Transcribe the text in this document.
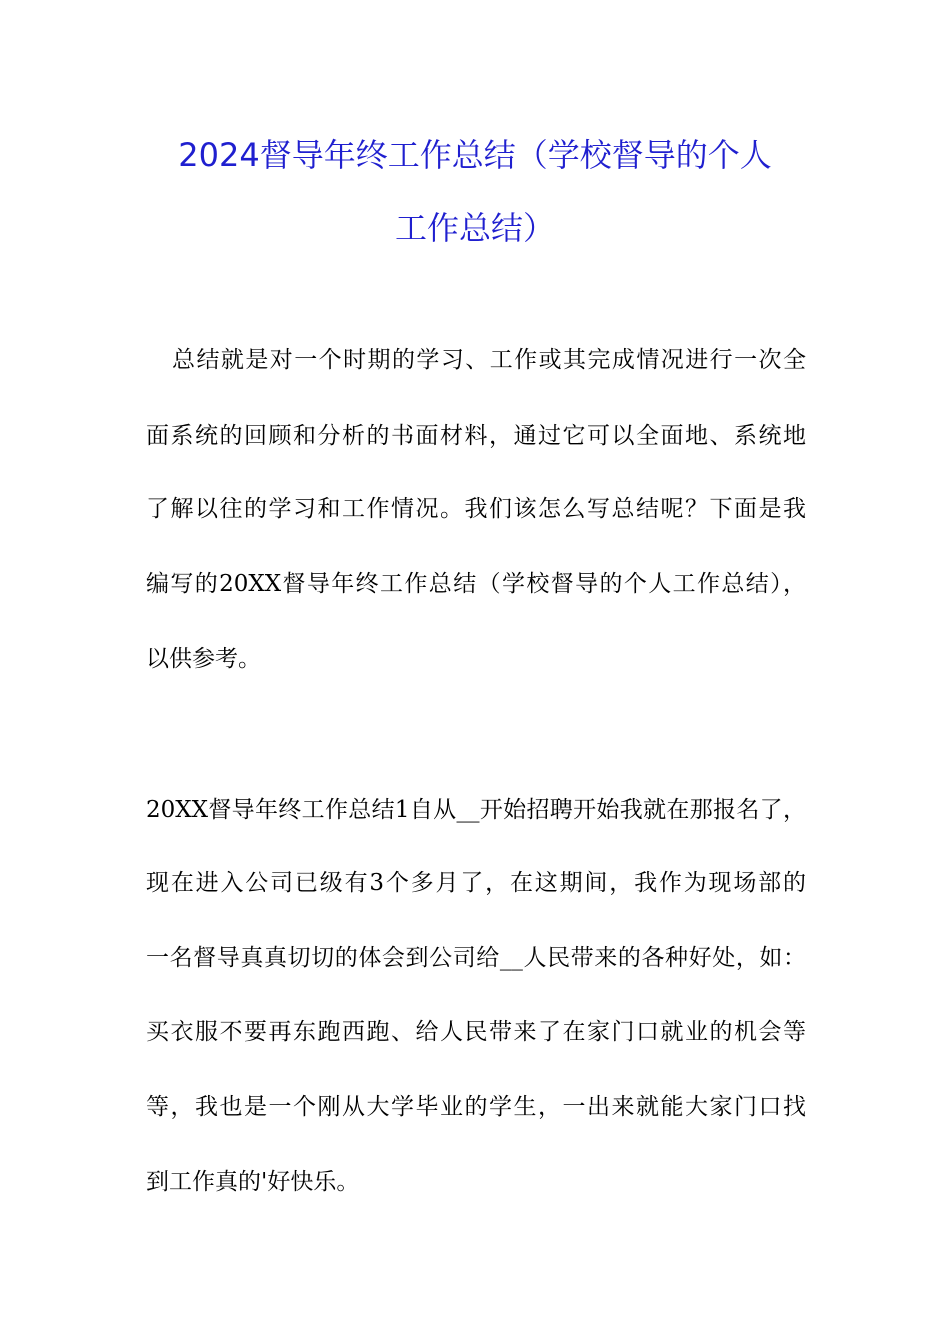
2024督导年终工作总结（学校督导的个人
工作总结）
总结就是对一个时期的学习、工作或其完成情况进行一次全
面系统的回顾和分析的书面材料，通过它可以全面地、系统地
了解以往的学习和工作情况。我们该怎么写总结呢？下面是我
编写的20XX督导年终工作总结（学校督导的个人工作总结），
以供参考。
20XX督导年终工作总结1自从__开始招聘开始我就在那报名了，
现在进入公司已级有3个多月了，在这期间，我作为现场部的
一名督导真真切切的体会到公司给__人民带来的各种好处，如：
买衣服不要再东跑西跑、给人民带来了在家门口就业的机会等
等，我也是一个刚从大学毕业的学生，一出来就能大家门口找
到工作真的'好快乐。
